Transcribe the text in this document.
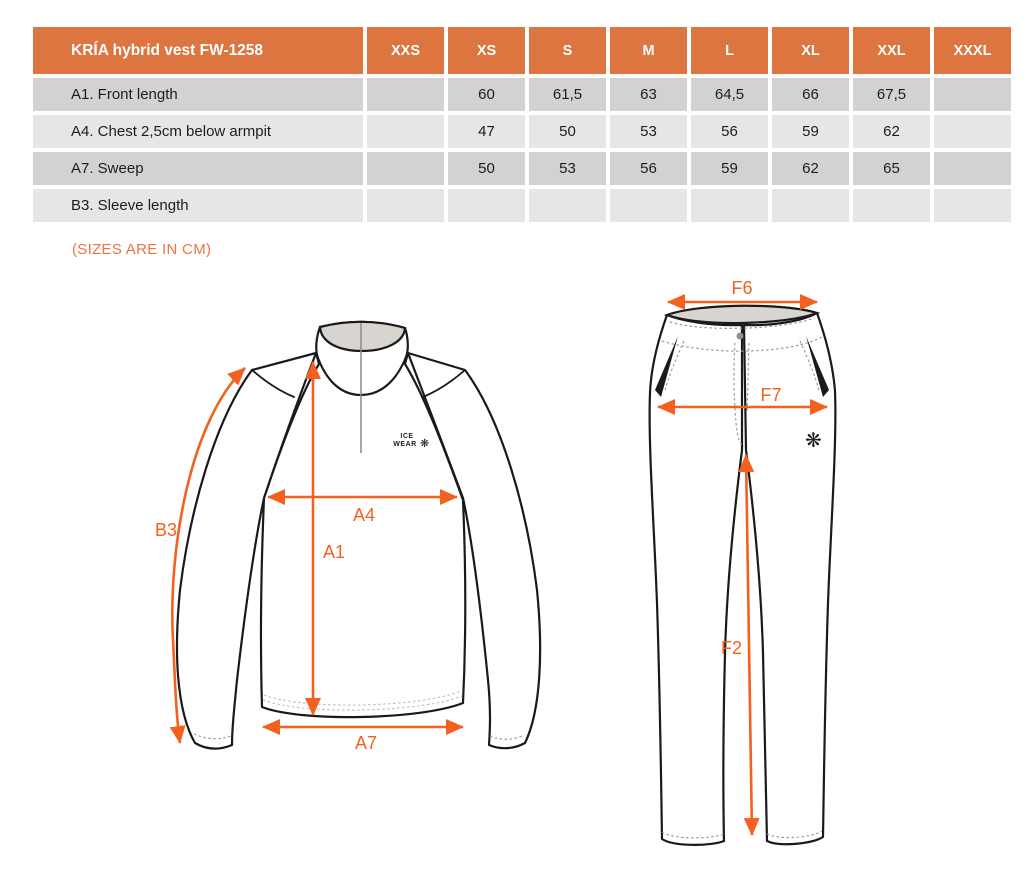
KRÍA hybrid vest FW-1258	XXS	XS	S	M	L	XL	XXL	XXXL
A1. Front length		60	61,5	63	64,5	66	67,5	
A4. Chest 2,5cm below armpit		47	50	53	56	59	62	
A7. Sweep		50	53	56	59	62	65	
B3. Sleeve length								
(SIZES ARE IN CM)
ICE
WEAR ❋
B3
A4
A1
A7
❋
F6
F7
F2
